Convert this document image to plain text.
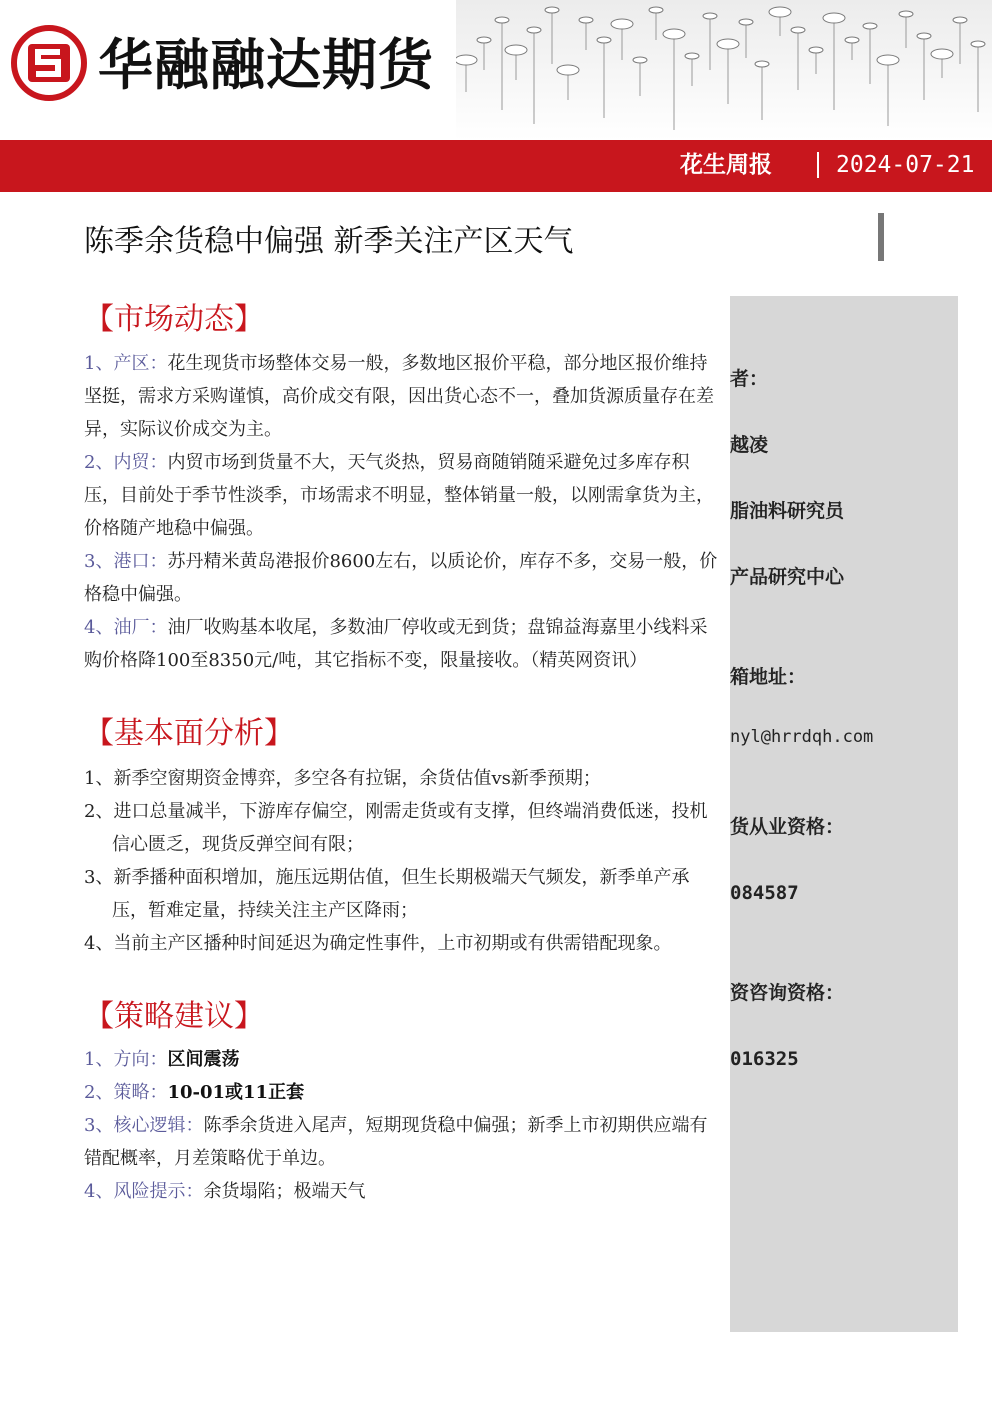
华融融达期货
花生周报	2024-07-21
陈季余货稳中偏强 新季关注产区天气

者：

越凌

脂油料研究员

产品研究中心

箱地址：

nyl@hrrdqh.com

货从业资格：

084587

资咨询资格：

016325

【市场动态】

1、产区：花生现货市场整体交易一般，多数地区报价平稳，部分地区报价维持坚挺，需求方采购谨慎，高价成交有限，因出货心态不一，叠加货源质量存在差异，实际议价成交为主。

2、内贸：内贸市场到货量不大，天气炎热，贸易商随销随采避免过多库存积压，目前处于季节性淡季，市场需求不明显，整体销量一般，以刚需拿货为主，价格随产地稳中偏强。

3、港口：苏丹精米黄岛港报价8600左右，以质论价，库存不多，交易一般，价格稳中偏强。

4、油厂：油厂收购基本收尾，多数油厂停收或无到货；盘锦益海嘉里小线料采购价格降100至8350元/吨，其它指标不变，限量接收。（精英网资讯）

【基本面分析】

1、新季空窗期资金博弈，多空各有拉锯，余货估值vs新季预期；

2、进口总量减半，下游库存偏空，刚需走货或有支撑，但终端消费低迷，投机信心匮乏，现货反弹空间有限；

3、新季播种面积增加，施压远期估值，但生长期极端天气频发，新季单产承压，暂难定量，持续关注主产区降雨；

4、当前主产区播种时间延迟为确定性事件，上市初期或有供需错配现象。

【策略建议】

1、方向：区间震荡

2、策略：10-01或11正套

3、核心逻辑：陈季余货进入尾声，短期现货稳中偏强；新季上市初期供应端有错配概率，月差策略优于单边。

4、风险提示：余货塌陷；极端天气
